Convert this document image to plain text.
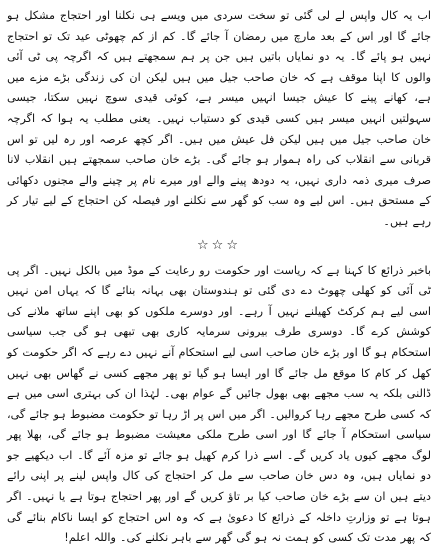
اب یہ کال واپس لے لی گئی تو سخت سردی میں ویسے ہی نکلنا اور احتجاج مشکل ہو جائے گا اور اس کے بعد مارچ میں رمضان آ جائے گا۔ کم از کم چھوٹی عید تک تو احتجاج نہیں ہو پائے گا۔ یہ دو نمایاں باتیں ہیں جن پر ہم سمجھتے ہیں کہ اگرچہ پی ٹی آئی والوں کا اپنا موقف ہے کہ خان صاحب جیل میں ہیں لیکن ان کی زندگی بڑے مزے میں ہے، کھانے پینے کا عیش جیسا انہیں میسر ہے، کوئی قیدی سوچ نہیں سکتا، جیسی سہولتیں انہیں میسر ہیں کسی قیدی کو دستیاب نہیں۔ یعنی مطلب یہ ہوا کہ اگرچہ خان صاحب جیل میں ہیں لیکن فل عیش میں ہیں۔ اگر کچھ عرصہ اور رہ لیں تو اس قربانی سے انقلاب کی راہ ہموار ہو جائے گی۔ بڑے خان صاحب سمجھتے ہیں انقلاب لانا صرف میری ذمہ داری نہیں، یہ دودھ پینے والے اور میرے نام پر چینے والے مجنوں دکھائی کے مستحق ہیں۔ اس لیے وہ سب کو گھر سے نکلنے اور فیصلہ کن احتجاج کے لیے تیار کر رہے ہیں۔

☆☆☆

باخبر ذرائع کا کہنا ہے کہ ریاست اور حکومت رو رعایت کے موڈ میں بالکل نہیں۔ اگر پی ٹی آئی کو کھلی چھوٹ دے دی گئی تو ہندوستان بھی بہانہ بنائے گا کہ یہاں امن نہیں اسی لیے ہم کرکٹ کھیلنے نہیں آ رہے۔ اور دوسرے ملکوں کو بھی اپنے ساتھ ملانے کی کوشش کرے گا۔ دوسری طرف بیرونی سرمایہ کاری بھی تبھی ہو گی جب سیاسی استحکام ہو گا اور بڑے خان صاحب اسی لیے استحکام آنے نہیں دے رہے کہ اگر حکومت کو کھل کر کام کا موقع مل جائے گا اور ایسا ہو گیا تو پھر مجھے کسی نے گھاس بھی نہیں ڈالنی بلکہ یہ سب مجھے بھی بھول جائیں گے عوام بھی۔ لہٰذا ان کی بہتری اسی میں ہے کہ کسی طرح مجھے رہا کروالیں۔ اگر میں اس پر اڑ رہا تو حکومت مضبوط ہو جائے گی، سیاسی استحکام آ جائے گا اور اسی طرح ملکی معیشت مضبوط ہو جائے گی، بھلا پھر لوگ مجھے کیوں یاد کریں گے۔ اسے ذرا کرم کھیل ہو جائے تو مزہ آئے گا۔ اب دیکھیے جو دو نمایاں ہیں، وہ دس خان صاحب سے مل کر احتجاج کی کال واپس لینے پر اپنی رائے دیتے ہیں ان سے بڑے خان صاحب کیا بر تاؤ کریں گے اور پھر احتجاج ہوتا ہے یا نہیں۔ اگر ہوتا ہے تو وزارتِ داخلہ کے ذرائع کا دعویٰ ہے کہ وہ اس احتجاج کو ایسا ناکام بنائے گی کہ پھر مدت تک کسی کو ہمت نہ ہو گی گھر سے باہر نکلنے کی۔ واللہ اعلم!
